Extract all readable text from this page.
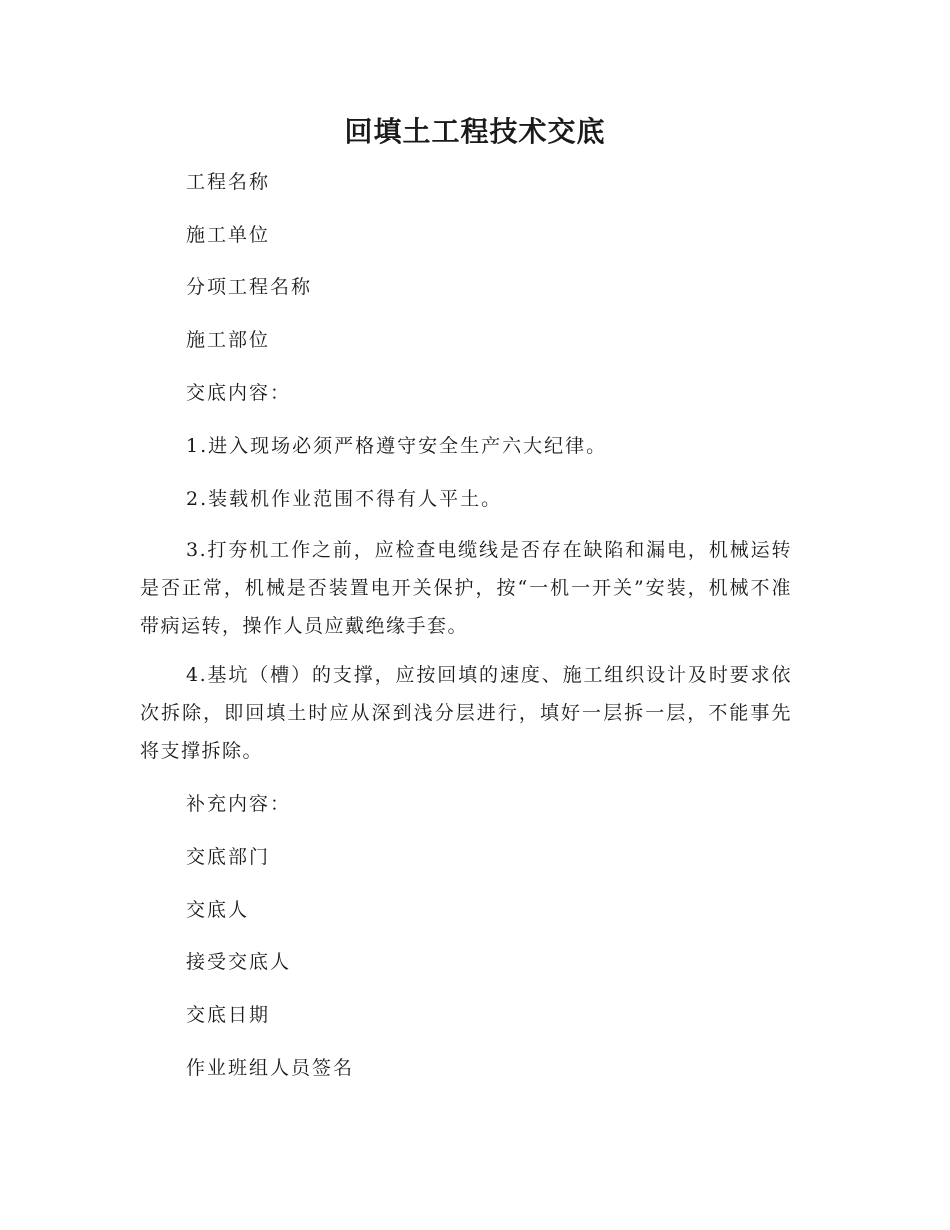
回填土工程技术交底
工程名称
施工单位
分项工程名称
施工部位
交底内容：
1.进入现场必须严格遵守安全生产六大纪律。
2.装载机作业范围不得有人平土。
3.打夯机工作之前，应检查电缆线是否存在缺陷和漏电，机械运转是否正常，机械是否装置电开关保护，按“一机一开关”安装，机械不准带病运转，操作人员应戴绝缘手套。
4.基坑（槽）的支撑，应按回填的速度、施工组织设计及时要求依次拆除，即回填土时应从深到浅分层进行，填好一层拆一层，不能事先将支撑拆除。
补充内容：
交底部门
交底人
接受交底人
交底日期
作业班组人员签名
